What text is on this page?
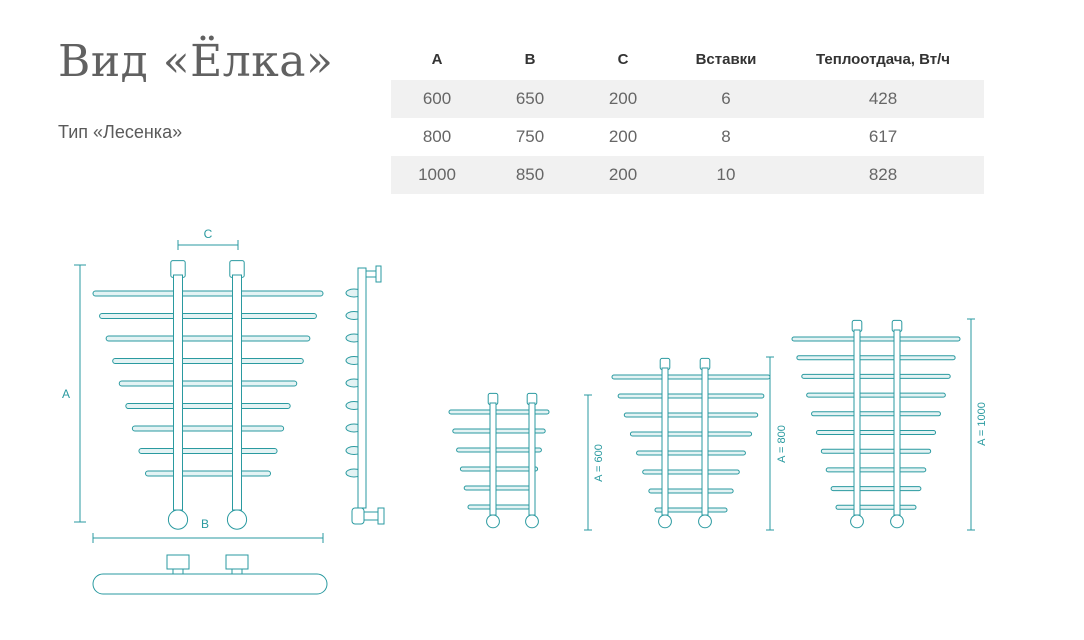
Вид «Ёлка»
Тип «Лесенка»
A	B	C	Вставки	Теплоотдача, Вт/ч
600	650	200	6	428
800	750	200	8	617
1000	850	200	10	828
C
A
B
A = 600
A = 800	A = 1000
